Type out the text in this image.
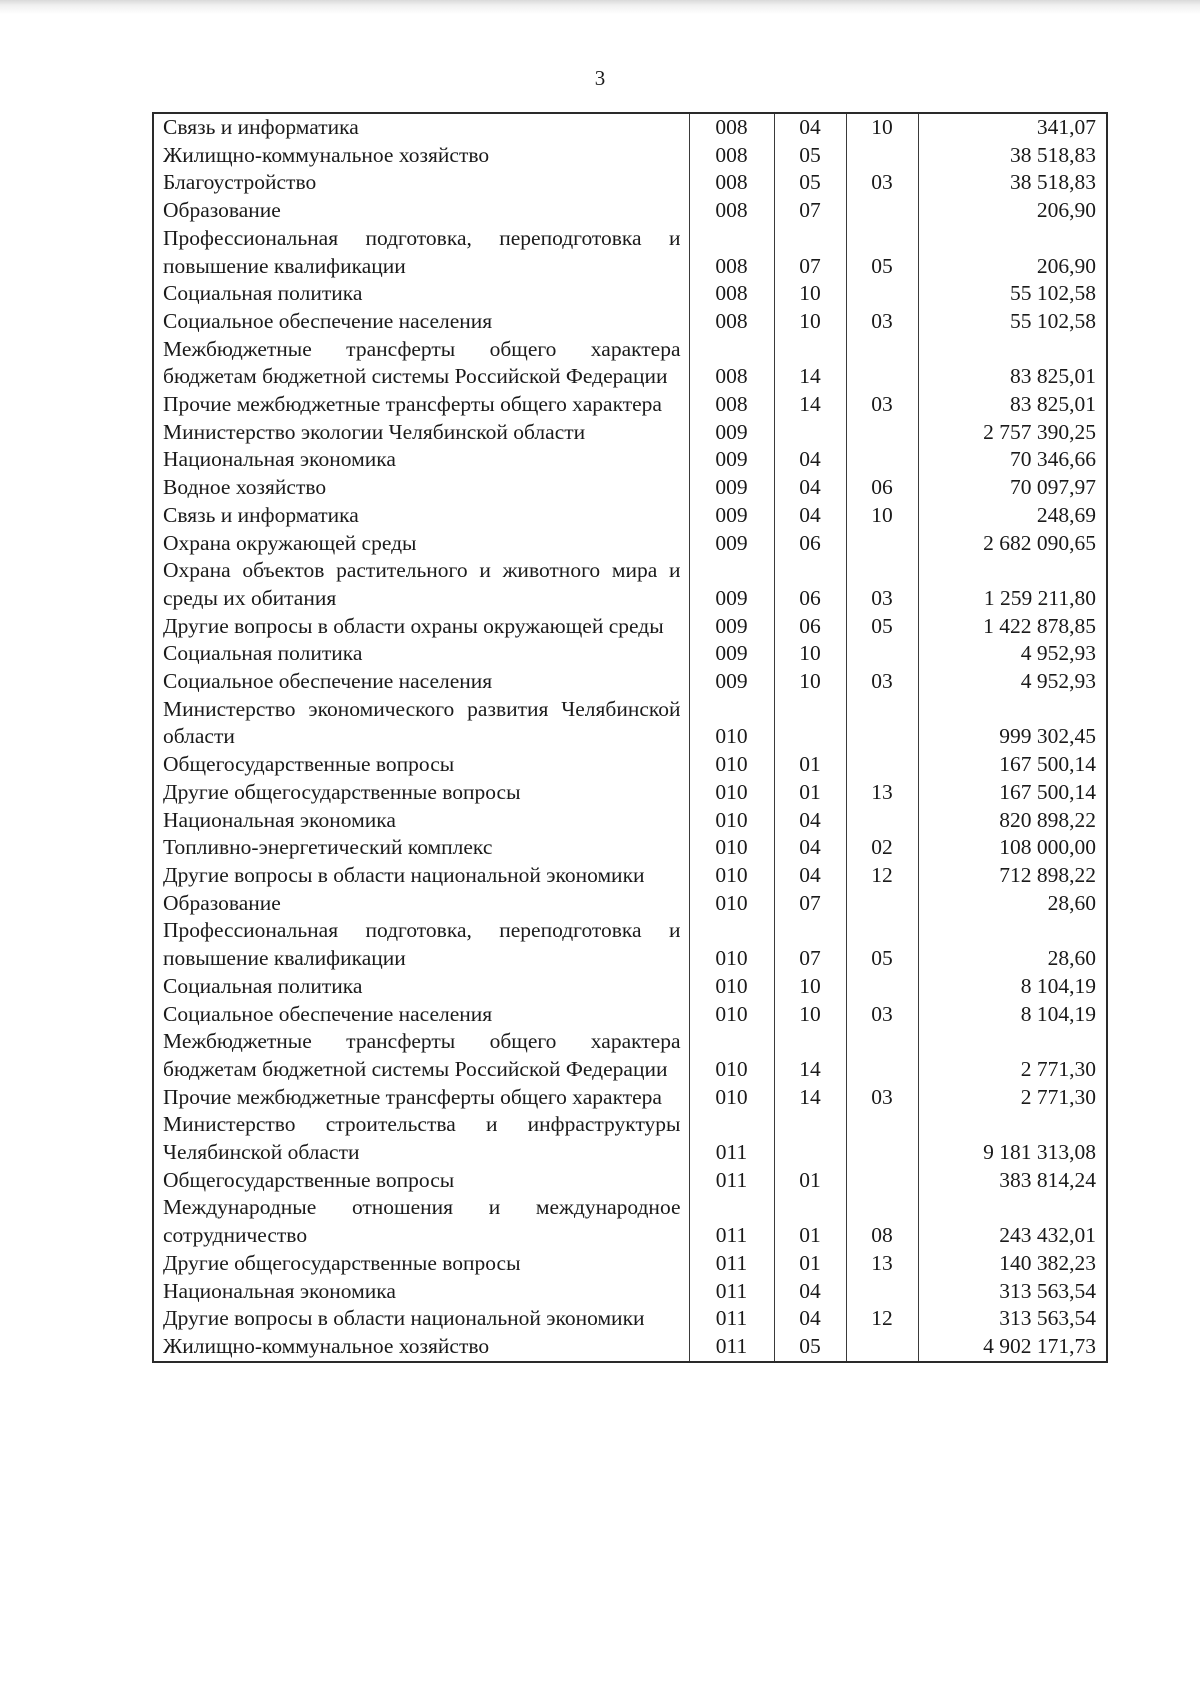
3
Связь и информатика	008	04	10	341,07
Жилищно-коммунальное хозяйство	008	05		38 518,83
Благоустройство	008	05	03	38 518,83
Образование	008	07		206,90
Профессиональная подготовка, переподготовка и повышение квалификации	008	07	05	206,90
Социальная политика	008	10		55 102,58
Социальное обеспечение населения	008	10	03	55 102,58
Межбюджетные трансферты общего характера бюджетам бюджетной системы Российской Федерации	008	14		83 825,01
Прочие межбюджетные трансферты общего характера	008	14	03	83 825,01
Министерство экологии Челябинской области	009			2 757 390,25
Национальная экономика	009	04		70 346,66
Водное хозяйство	009	04	06	70 097,97
Связь и информатика	009	04	10	248,69
Охрана окружающей среды	009	06		2 682 090,65
Охрана объектов растительного и животного мира и среды их обитания	009	06	03	1 259 211,80
Другие вопросы в области охраны окружающей среды	009	06	05	1 422 878,85
Социальная политика	009	10		4 952,93
Социальное обеспечение населения	009	10	03	4 952,93
Министерство экономического развития Челябинской области	010			999 302,45
Общегосударственные вопросы	010	01		167 500,14
Другие общегосударственные вопросы	010	01	13	167 500,14
Национальная экономика	010	04		820 898,22
Топливно-энергетический комплекс	010	04	02	108 000,00
Другие вопросы в области национальной экономики	010	04	12	712 898,22
Образование	010	07		28,60
Профессиональная подготовка, переподготовка и повышение квалификации	010	07	05	28,60
Социальная политика	010	10		8 104,19
Социальное обеспечение населения	010	10	03	8 104,19
Межбюджетные трансферты общего характера бюджетам бюджетной системы Российской Федерации	010	14		2 771,30
Прочие межбюджетные трансферты общего характера	010	14	03	2 771,30
Министерство строительства и инфраструктуры Челябинской области	011			9 181 313,08
Общегосударственные вопросы	011	01		383 814,24
Международные отношения и международное сотрудничество	011	01	08	243 432,01
Другие общегосударственные вопросы	011	01	13	140 382,23
Национальная экономика	011	04		313 563,54
Другие вопросы в области национальной экономики	011	04	12	313 563,54
Жилищно-коммунальное хозяйство	011	05		4 902 171,73
